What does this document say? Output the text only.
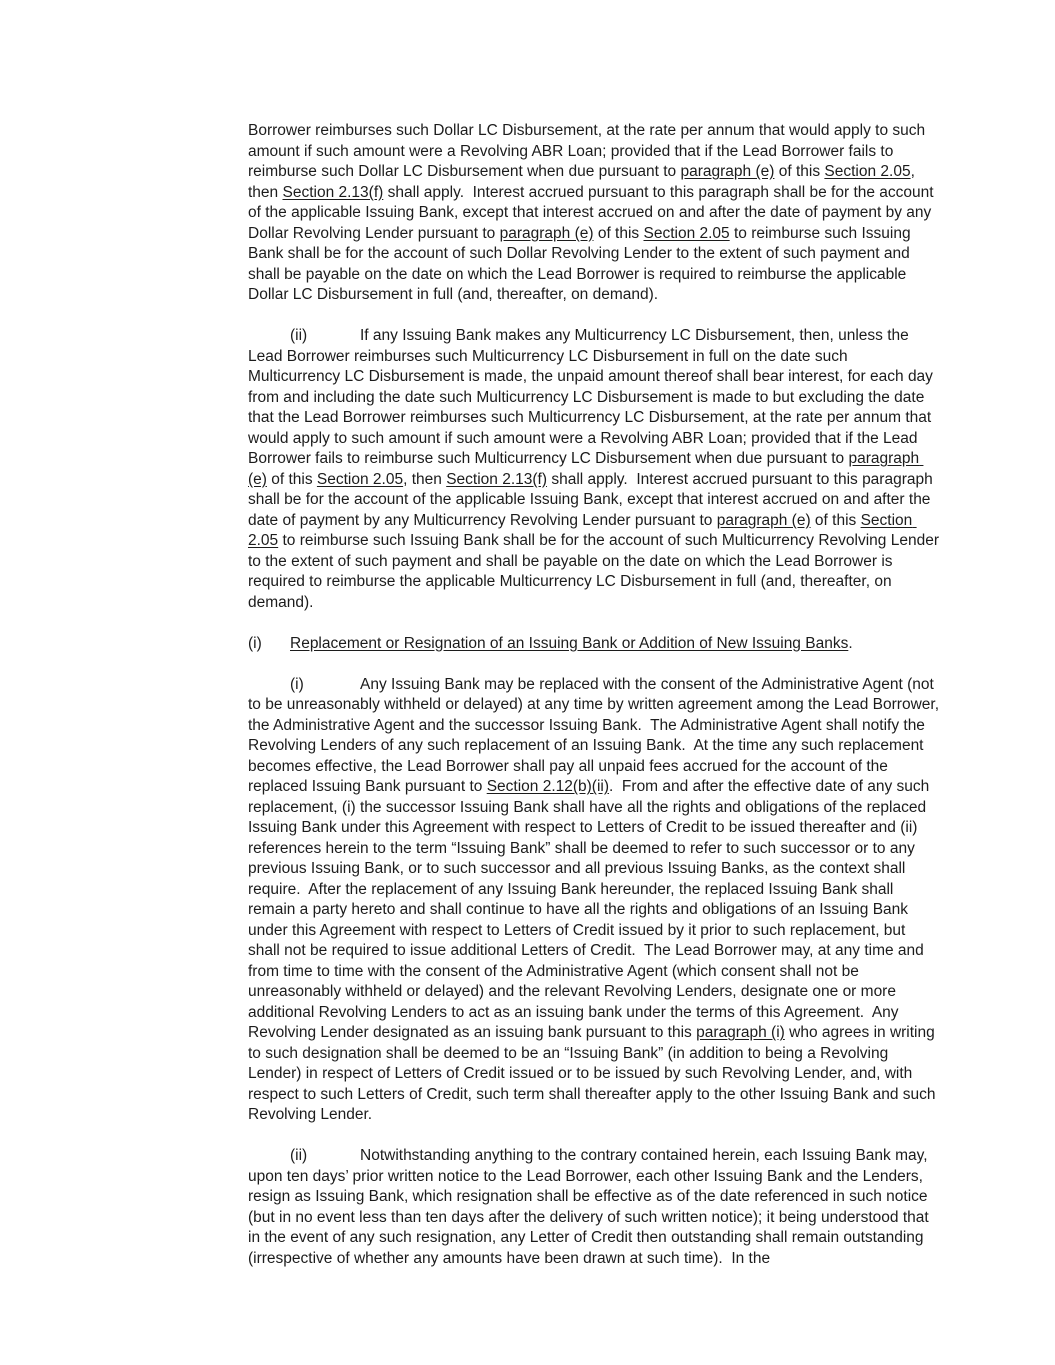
Borrower reimburses such Dollar LC Disbursement, at the rate per annum that would apply to such amount if such amount were a Revolving ABR Loan; provided that if the Lead Borrower fails to reimburse such Dollar LC Disbursement when due pursuant to paragraph (e) of this Section 2.05, then Section 2.13(f) shall apply.  Interest accrued pursuant to this paragraph shall be for the account of the applicable Issuing Bank, except that interest accrued on and after the date of payment by any Dollar Revolving Lender pursuant to paragraph (e) of this Section 2.05 to reimburse such Issuing Bank shall be for the account of such Dollar Revolving Lender to the extent of such payment and shall be payable on the date on which the Lead Borrower is required to reimburse the applicable Dollar LC Disbursement in full (and, thereafter, on demand).

(ii)	If any Issuing Bank makes any Multicurrency LC Disbursement, then, unless the Lead Borrower reimburses such Multicurrency LC Disbursement in full on the date such Multicurrency LC Disbursement is made, the unpaid amount thereof shall bear interest, for each day from and including the date such Multicurrency LC Disbursement is made to but excluding the date that the Lead Borrower reimburses such Multicurrency LC Disbursement, at the rate per annum that would apply to such amount if such amount were a Revolving ABR Loan; provided that if the Lead Borrower fails to reimburse such Multicurrency LC Disbursement when due pursuant to paragraph (e) of this Section 2.05, then Section 2.13(f) shall apply.  Interest accrued pursuant to this paragraph shall be for the account of the applicable Issuing Bank, except that interest accrued on and after the date of payment by any Multicurrency Revolving Lender pursuant to paragraph (e) of this Section 2.05 to reimburse such Issuing Bank shall be for the account of such Multicurrency Revolving Lender to the extent of such payment and shall be payable on the date on which the Lead Borrower is required to reimburse the applicable Multicurrency LC Disbursement in full (and, thereafter, on demand).

(i) Replacement or Resignation of an Issuing Bank or Addition of New Issuing Banks.

(i)	Any Issuing Bank may be replaced with the consent of the Administrative Agent (not to be unreasonably withheld or delayed) at any time by written agreement among the Lead Borrower, the Administrative Agent and the successor Issuing Bank.  The Administrative Agent shall notify the Revolving Lenders of any such replacement of an Issuing Bank.  At the time any such replacement becomes effective, the Lead Borrower shall pay all unpaid fees accrued for the account of the replaced Issuing Bank pursuant to Section 2.12(b)(ii).  From and after the effective date of any such replacement, (i) the successor Issuing Bank shall have all the rights and obligations of the replaced Issuing Bank under this Agreement with respect to Letters of Credit to be issued thereafter and (ii) references herein to the term “Issuing Bank” shall be deemed to refer to such successor or to any previous Issuing Bank, or to such successor and all previous Issuing Banks, as the context shall require.  After the replacement of any Issuing Bank hereunder, the replaced Issuing Bank shall remain a party hereto and shall continue to have all the rights and obligations of an Issuing Bank under this Agreement with respect to Letters of Credit issued by it prior to such replacement, but shall not be required to issue additional Letters of Credit.  The Lead Borrower may, at any time and from time to time with the consent of the Administrative Agent (which consent shall not be unreasonably withheld or delayed) and the relevant Revolving Lenders, designate one or more additional Revolving Lenders to act as an issuing bank under the terms of this Agreement.  Any Revolving Lender designated as an issuing bank pursuant to this paragraph (i) who agrees in writing to such designation shall be deemed to be an “Issuing Bank” (in addition to being a Revolving Lender) in respect of Letters of Credit issued or to be issued by such Revolving Lender, and, with respect to such Letters of Credit, such term shall thereafter apply to the other Issuing Bank and such Revolving Lender.

(ii)	Notwithstanding anything to the contrary contained herein, each Issuing Bank may, upon ten days’ prior written notice to the Lead Borrower, each other Issuing Bank and the Lenders, resign as Issuing Bank, which resignation shall be effective as of the date referenced in such notice (but in no event less than ten days after the delivery of such written notice); it being understood that in the event of any such resignation, any Letter of Credit then outstanding shall remain outstanding (irrespective of whether any amounts have been drawn at such time).  In the
